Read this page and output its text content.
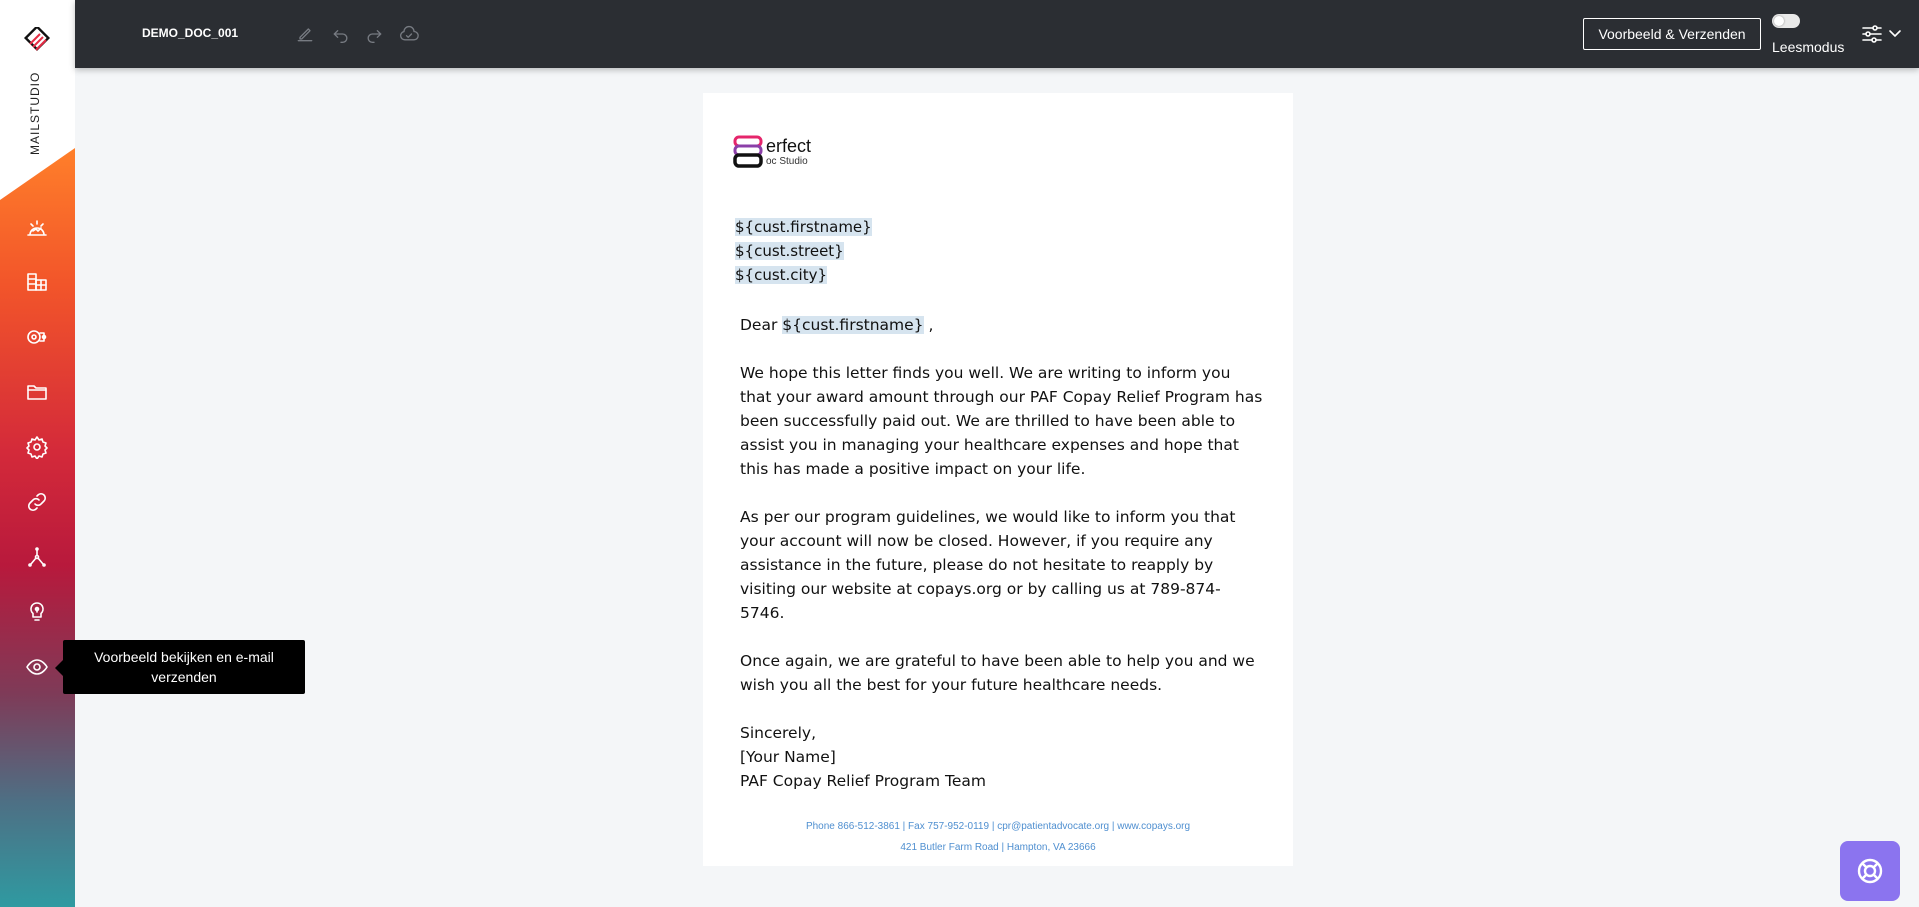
MAILSTUDIO
DEMO_DOC_001	Voorbeeld & Verzenden
Leesmodus
erfect
oc Studio
${cust.firstname}
${cust.street}
${cust.city}

Dear ${cust.firstname} ,

We hope this letter finds you well. We are writing to inform you that your award amount through our PAF Copay Relief Program has been successfully paid out. We are thrilled to have been able to assist you in managing your healthcare expenses and hope that this has made a positive impact on your life.

As per our program guidelines, we would like to inform you that your account will now be closed. However, if you require any assistance in the future, please do not hesitate to reapply by visiting our website at copays.org or by calling us at 789-874-5746.

Once again, we are grateful to have been able to help you and we wish you all the best for your future healthcare needs.

Sincerely,
[Your Name]
PAF Copay Relief Program Team
Phone 866-512-3861 | Fax 757-952-0119 | cpr@patientadvocate.org | www.copays.org
421 Butler Farm Road | Hampton, VA 23666
Voorbeeld bekijken en e-mail verzenden
